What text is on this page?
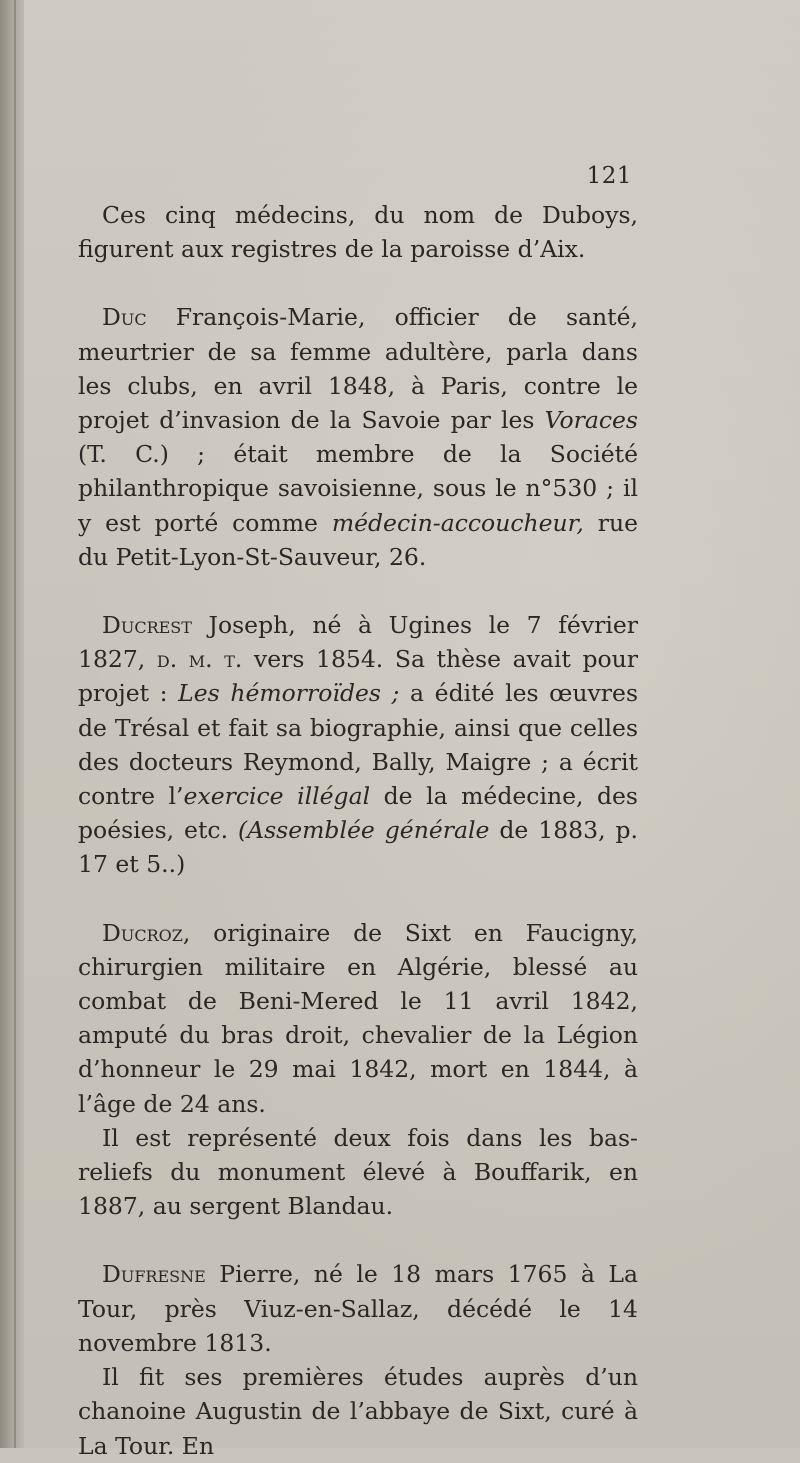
121

Ces cinq médecins, du nom de Duboys, figurent aux registres de la paroisse d’Aix.

Duc François-Marie, officier de santé, meurtrier de sa femme adultère, parla dans les clubs, en avril 1848, à Paris, contre le projet d’invasion de la Savoie par les Voraces (T. C.) ; était membre de la Société philanthropique savoisienne, sous le n°530 ; il y est porté comme médecin-accoucheur, rue du Petit-Lyon-St-Sauveur, 26.

Ducrest Joseph, né à Ugines le 7 février 1827, d. m. t. vers 1854. Sa thèse avait pour projet : Les hémorroïdes ; a édité les œuvres de Trésal et fait sa biographie, ainsi que celles des docteurs Reymond, Bally, Maigre ; a écrit contre l’exercice illégal de la médecine, des poésies, etc. (Assemblée générale de 1883, p. 17 et 5..)

Ducroz, originaire de Sixt en Faucigny, chirurgien militaire en Algérie, blessé au combat de Beni-Mered le 11 avril 1842, amputé du bras droit, chevalier de la Légion d’honneur le 29 mai 1842, mort en 1844, à l’âge de 24 ans.

Il est représenté deux fois dans les bas-reliefs du monument élevé à Bouffarik, en 1887, au sergent Blandau.

Dufresne Pierre, né le 18 mars 1765 à La Tour, près Viuz-en-Sallaz, décédé le 14 novembre 1813.

Il fit ses premières études auprès d’un chanoine Augustin de l’abbaye de Sixt, curé à La Tour. En
